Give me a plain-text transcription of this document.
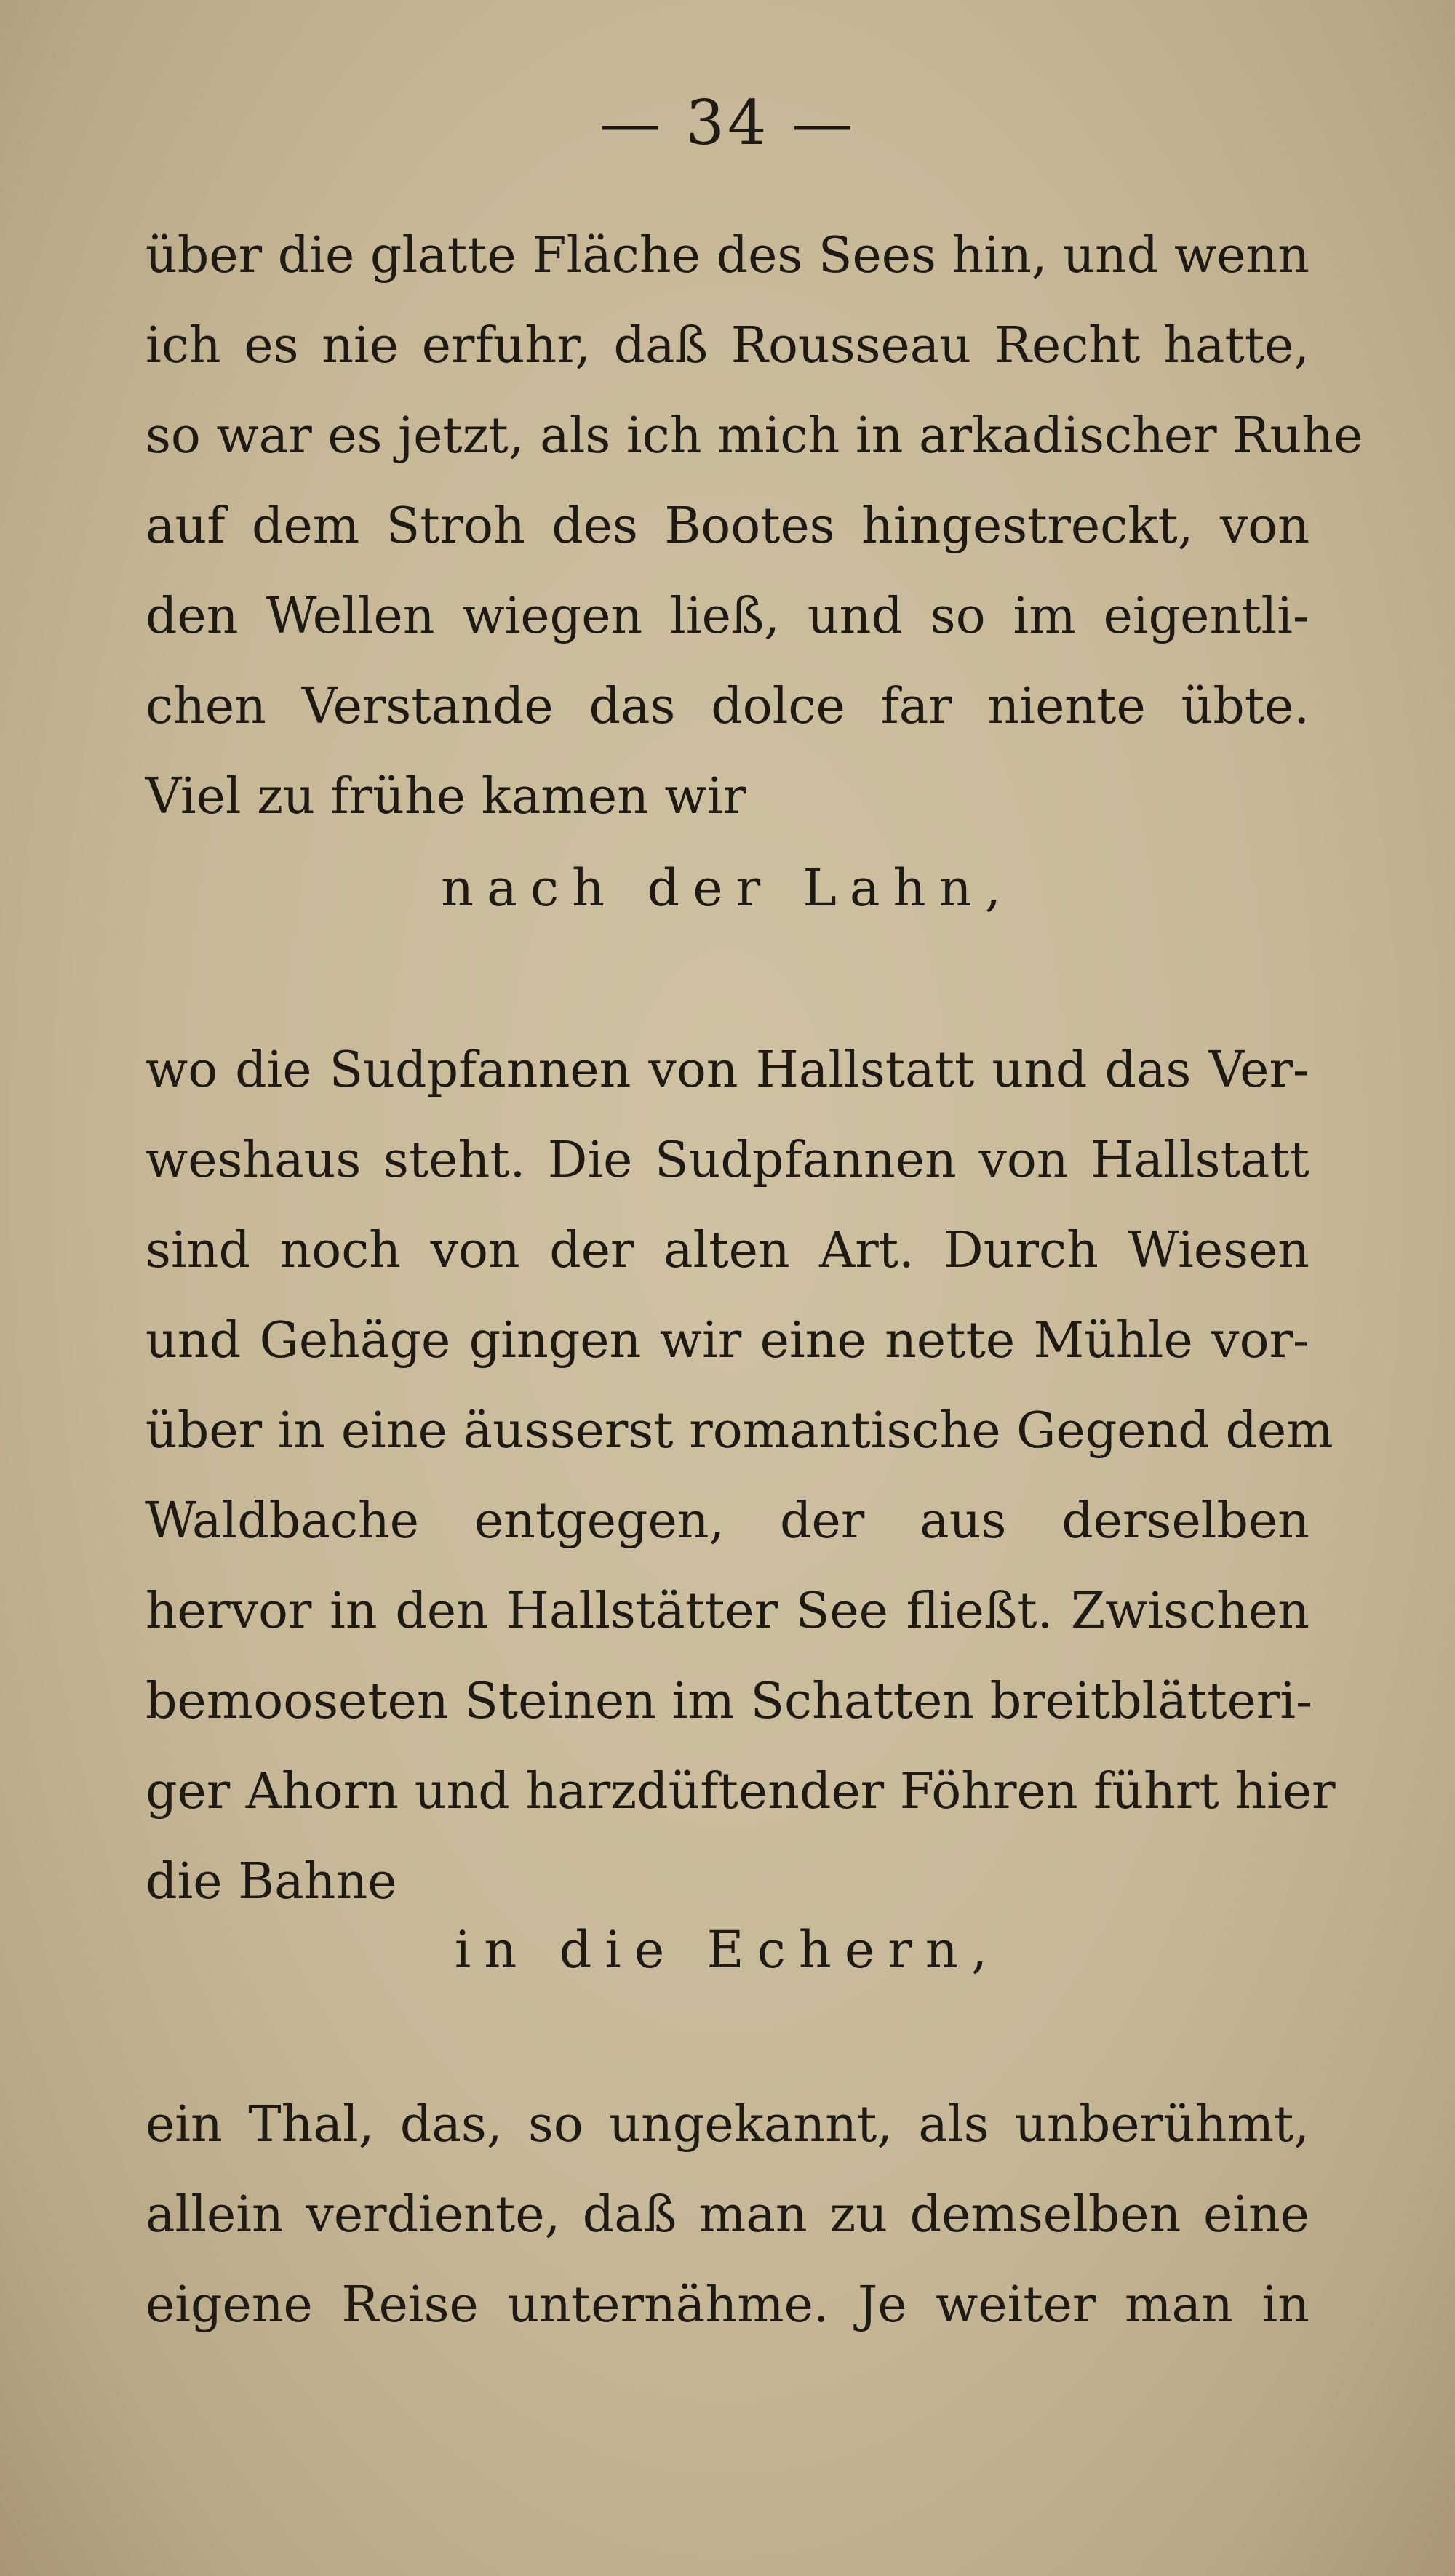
— 34 —
über die glatte Fläche des Sees hin, und wenn
ich es nie erfuhr, daß Rousseau Recht hatte,
so war es jetzt, als ich mich in arkadischer Ruhe
auf dem Stroh des Bootes hingestreckt, von
den Wellen wiegen ließ, und so im eigentli-
chen Verstande das dolce far niente übte.
Viel zu frühe kamen wir
nach der Lahn,
wo die Sudpfannen von Hallstatt und das Ver-
weshaus steht. Die Sudpfannen von Hallstatt
sind noch von der alten Art. Durch Wiesen
und Gehäge gingen wir eine nette Mühle vor-
über in eine äusserst romantische Gegend dem
Waldbache entgegen, der aus derselben
hervor in den Hallstätter See fließt. Zwischen
bemooseten Steinen im Schatten breitblätteri-
ger Ahorn und harzdüftender Föhren führt hier
die Bahne
in die Echern,
ein Thal, das, so ungekannt, als unberühmt,
allein verdiente, daß man zu demselben eine
eigene Reise unternähme. Je weiter man in
